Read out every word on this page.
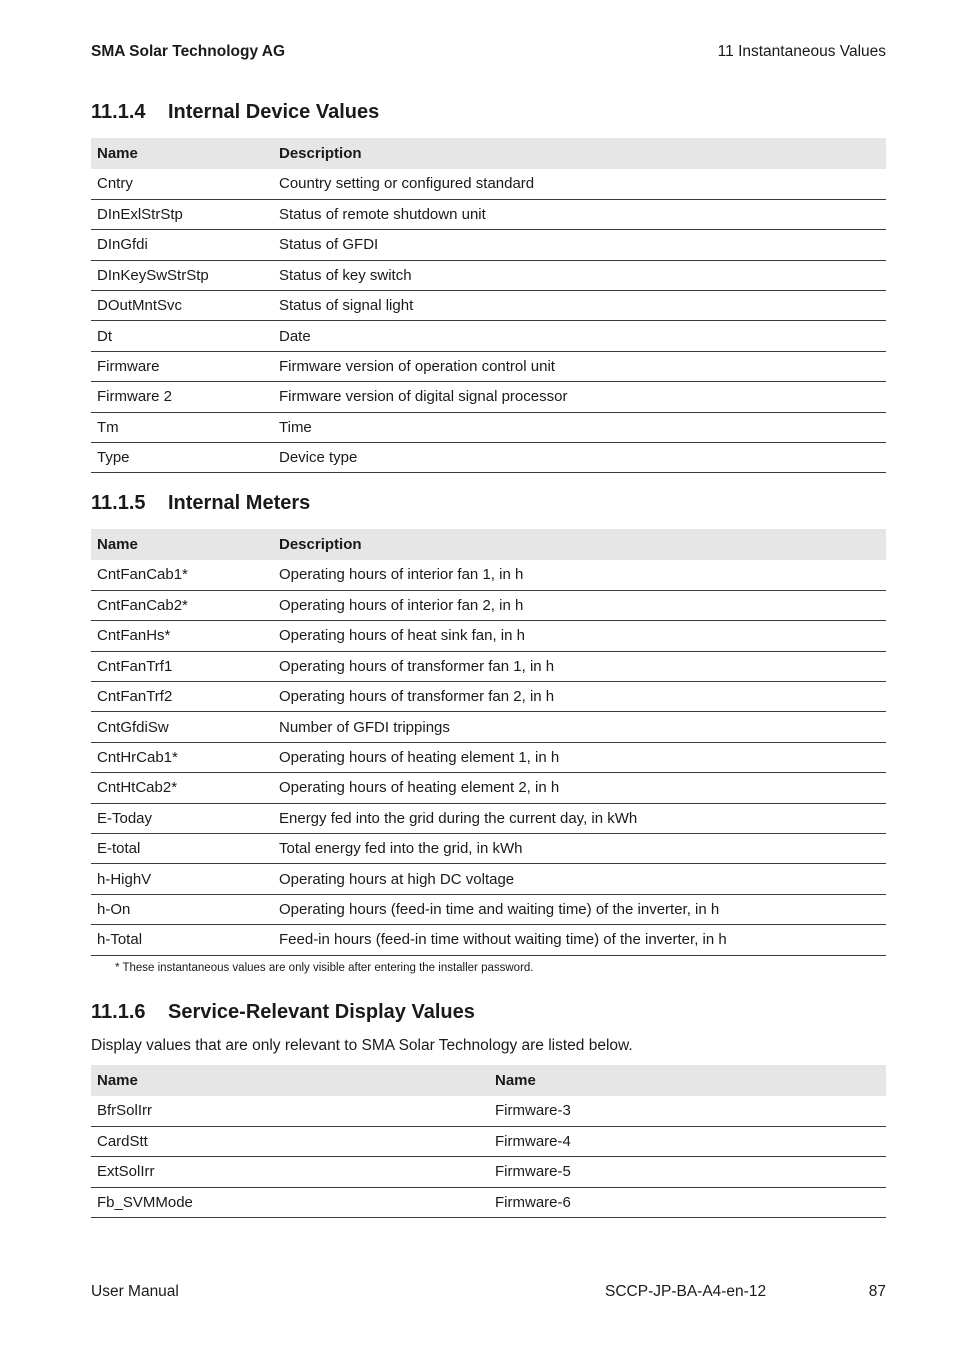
SMA Solar Technology AG	11 Instantaneous Values
11.1.4 Internal Device Values
Name	Description
Cntry	Country setting or configured standard
DInExlStrStp	Status of remote shutdown unit
DInGfdi	Status of GFDI
DInKeySwStrStp	Status of key switch
DOutMntSvc	Status of signal light
Dt	Date
Firmware	Firmware version of operation control unit
Firmware 2	Firmware version of digital signal processor
Tm	Time
Type	Device type
11.1.5 Internal Meters
Name	Description
CntFanCab1*	Operating hours of interior fan 1, in h
CntFanCab2*	Operating hours of interior fan 2, in h
CntFanHs*	Operating hours of heat sink fan, in h
CntFanTrf1	Operating hours of transformer fan 1, in h
CntFanTrf2	Operating hours of transformer fan 2, in h
CntGfdiSw	Number of GFDI trippings
CntHrCab1*	Operating hours of heating element 1, in h
CntHtCab2*	Operating hours of heating element 2, in h
E-Today	Energy fed into the grid during the current day, in kWh
E-total	Total energy fed into the grid, in kWh
h-HighV	Operating hours at high DC voltage
h-On	Operating hours (feed-in time and waiting time) of the inverter, in h
h-Total	Feed-in hours (feed-in time without waiting time) of the inverter, in h
* These instantaneous values are only visible after entering the installer password.
11.1.6 Service-Relevant Display Values

Display values that are only relevant to SMA Solar Technology are listed below.

Name	Name
BfrSolIrr	Firmware-3
CardStt	Firmware-4
ExtSolIrr	Firmware-5
Fb_SVMMode	Firmware-6
User Manual	SCCP-JP-BA-A4-en-12	87
